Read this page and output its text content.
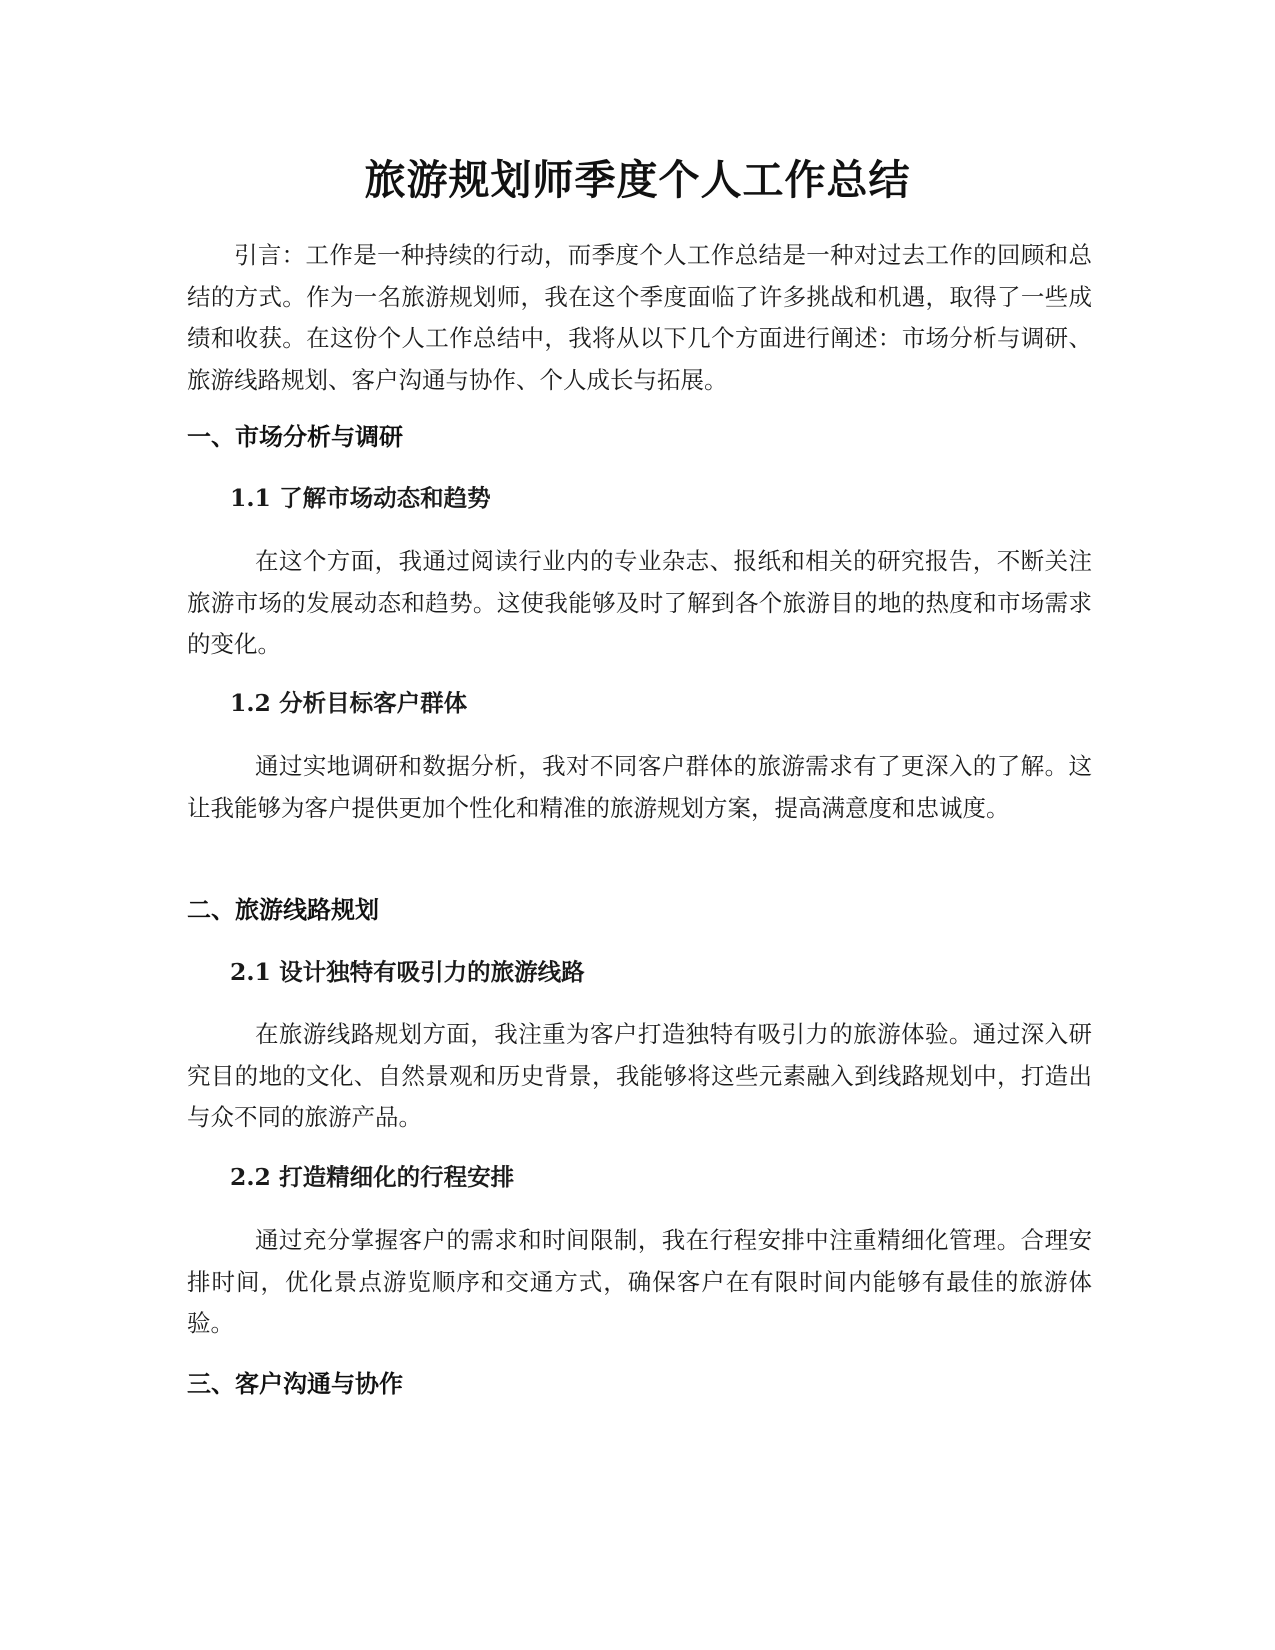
旅游规划师季度个人工作总结

引言：工作是一种持续的行动，而季度个人工作总结是一种对过去工作的回顾和总结的方式。作为一名旅游规划师，我在这个季度面临了许多挑战和机遇，取得了一些成绩和收获。在这份个人工作总结中，我将从以下几个方面进行阐述：市场分析与调研、旅游线路规划、客户沟通与协作、个人成长与拓展。

一、市场分析与调研
1.1 了解市场动态和趋势

在这个方面，我通过阅读行业内的专业杂志、报纸和相关的研究报告，不断关注旅游市场的发展动态和趋势。这使我能够及时了解到各个旅游目的地的热度和市场需求的变化。

1.2 分析目标客户群体

通过实地调研和数据分析，我对不同客户群体的旅游需求有了更深入的了解。这让我能够为客户提供更加个性化和精准的旅游规划方案，提高满意度和忠诚度。

二、旅游线路规划
2.1 设计独特有吸引力的旅游线路

在旅游线路规划方面，我注重为客户打造独特有吸引力的旅游体验。通过深入研究目的地的文化、自然景观和历史背景，我能够将这些元素融入到线路规划中，打造出与众不同的旅游产品。

2.2 打造精细化的行程安排

通过充分掌握客户的需求和时间限制，我在行程安排中注重精细化管理。合理安排时间，优化景点游览顺序和交通方式，确保客户在有限时间内能够有最佳的旅游体验。

三、客户沟通与协作
